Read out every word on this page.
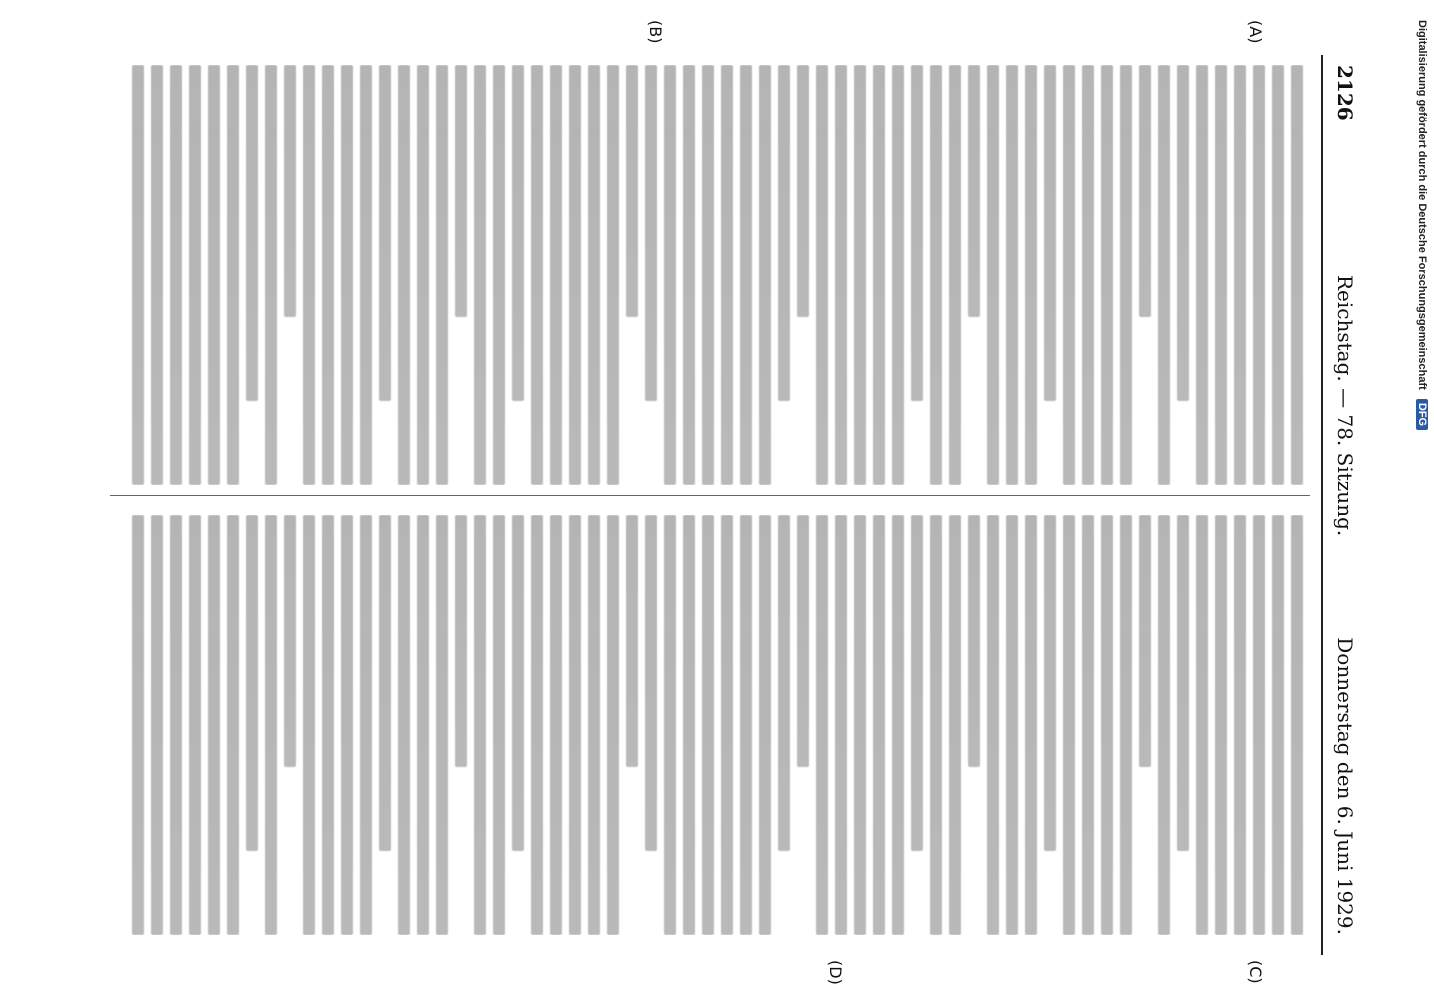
2126
Reichstag. — 78. Sitzung.
Donnerstag den 6. Juni 1929.
(A)
(B)
(C)
(D)
Digitalisierung gefördert durch die Deutsche Forschungsgemeinschaft DFG
